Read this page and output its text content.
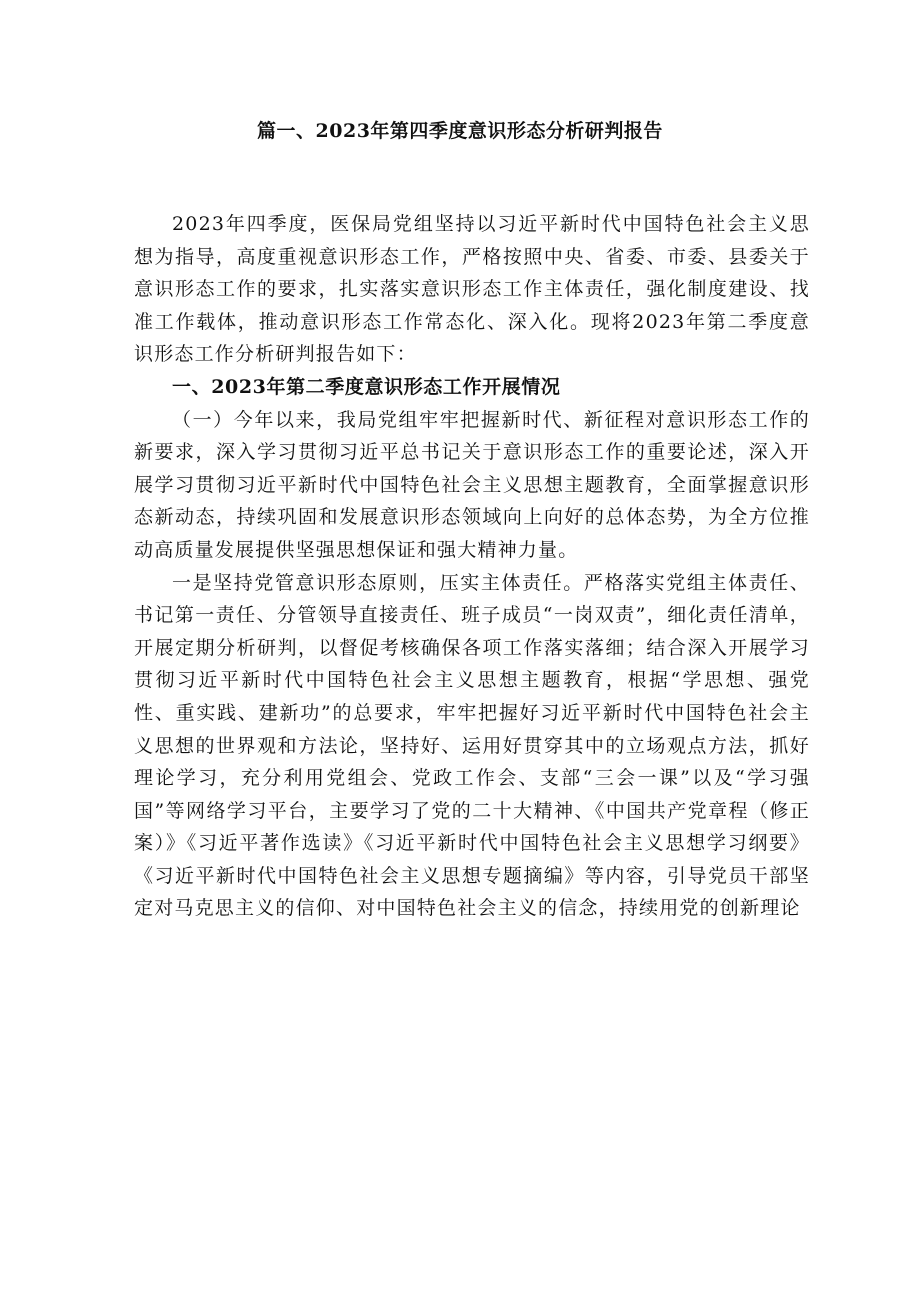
篇一、2023年第四季度意识形态分析研判报告

2023年四季度，医保局党组坚持以习近平新时代中国特色社会主义思想为指导，高度重视意识形态工作，严格按照中央、省委、市委、县委关于意识形态工作的要求，扎实落实意识形态工作主体责任，强化制度建设、找准工作载体，推动意识形态工作常态化、深入化。现将2023年第二季度意识形态工作分析研判报告如下：

一、2023年第二季度意识形态工作开展情况

（一）今年以来，我局党组牢牢把握新时代、新征程对意识形态工作的新要求，深入学习贯彻习近平总书记关于意识形态工作的重要论述，深入开展学习贯彻习近平新时代中国特色社会主义思想主题教育，全面掌握意识形态新动态，持续巩固和发展意识形态领域向上向好的总体态势，为全方位推动高质量发展提供坚强思想保证和强大精神力量。

一是坚持党管意识形态原则，压实主体责任。严格落实党组主体责任、书记第一责任、分管领导直接责任、班子成员“一岗双责”，细化责任清单，开展定期分析研判，以督促考核确保各项工作落实落细；结合深入开展学习贯彻习近平新时代中国特色社会主义思想主题教育，根据“学思想、强党性、重实践、建新功”的总要求，牢牢把握好习近平新时代中国特色社会主义思想的世界观和方法论，坚持好、运用好贯穿其中的立场观点方法，抓好理论学习，充分利用党组会、党政工作会、支部“三会一课”以及“学习强国”等网络学习平台，主要学习了党的二十大精神、《中国共产党章程（修正案）》《习近平著作选读》《习近平新时代中国特色社会主义思想学习纲要》《习近平新时代中国特色社会主义思想专题摘编》等内容，引导党员干部坚定对马克思主义的信仰、对中国特色社会主义的信念，持续用党的创新理论
